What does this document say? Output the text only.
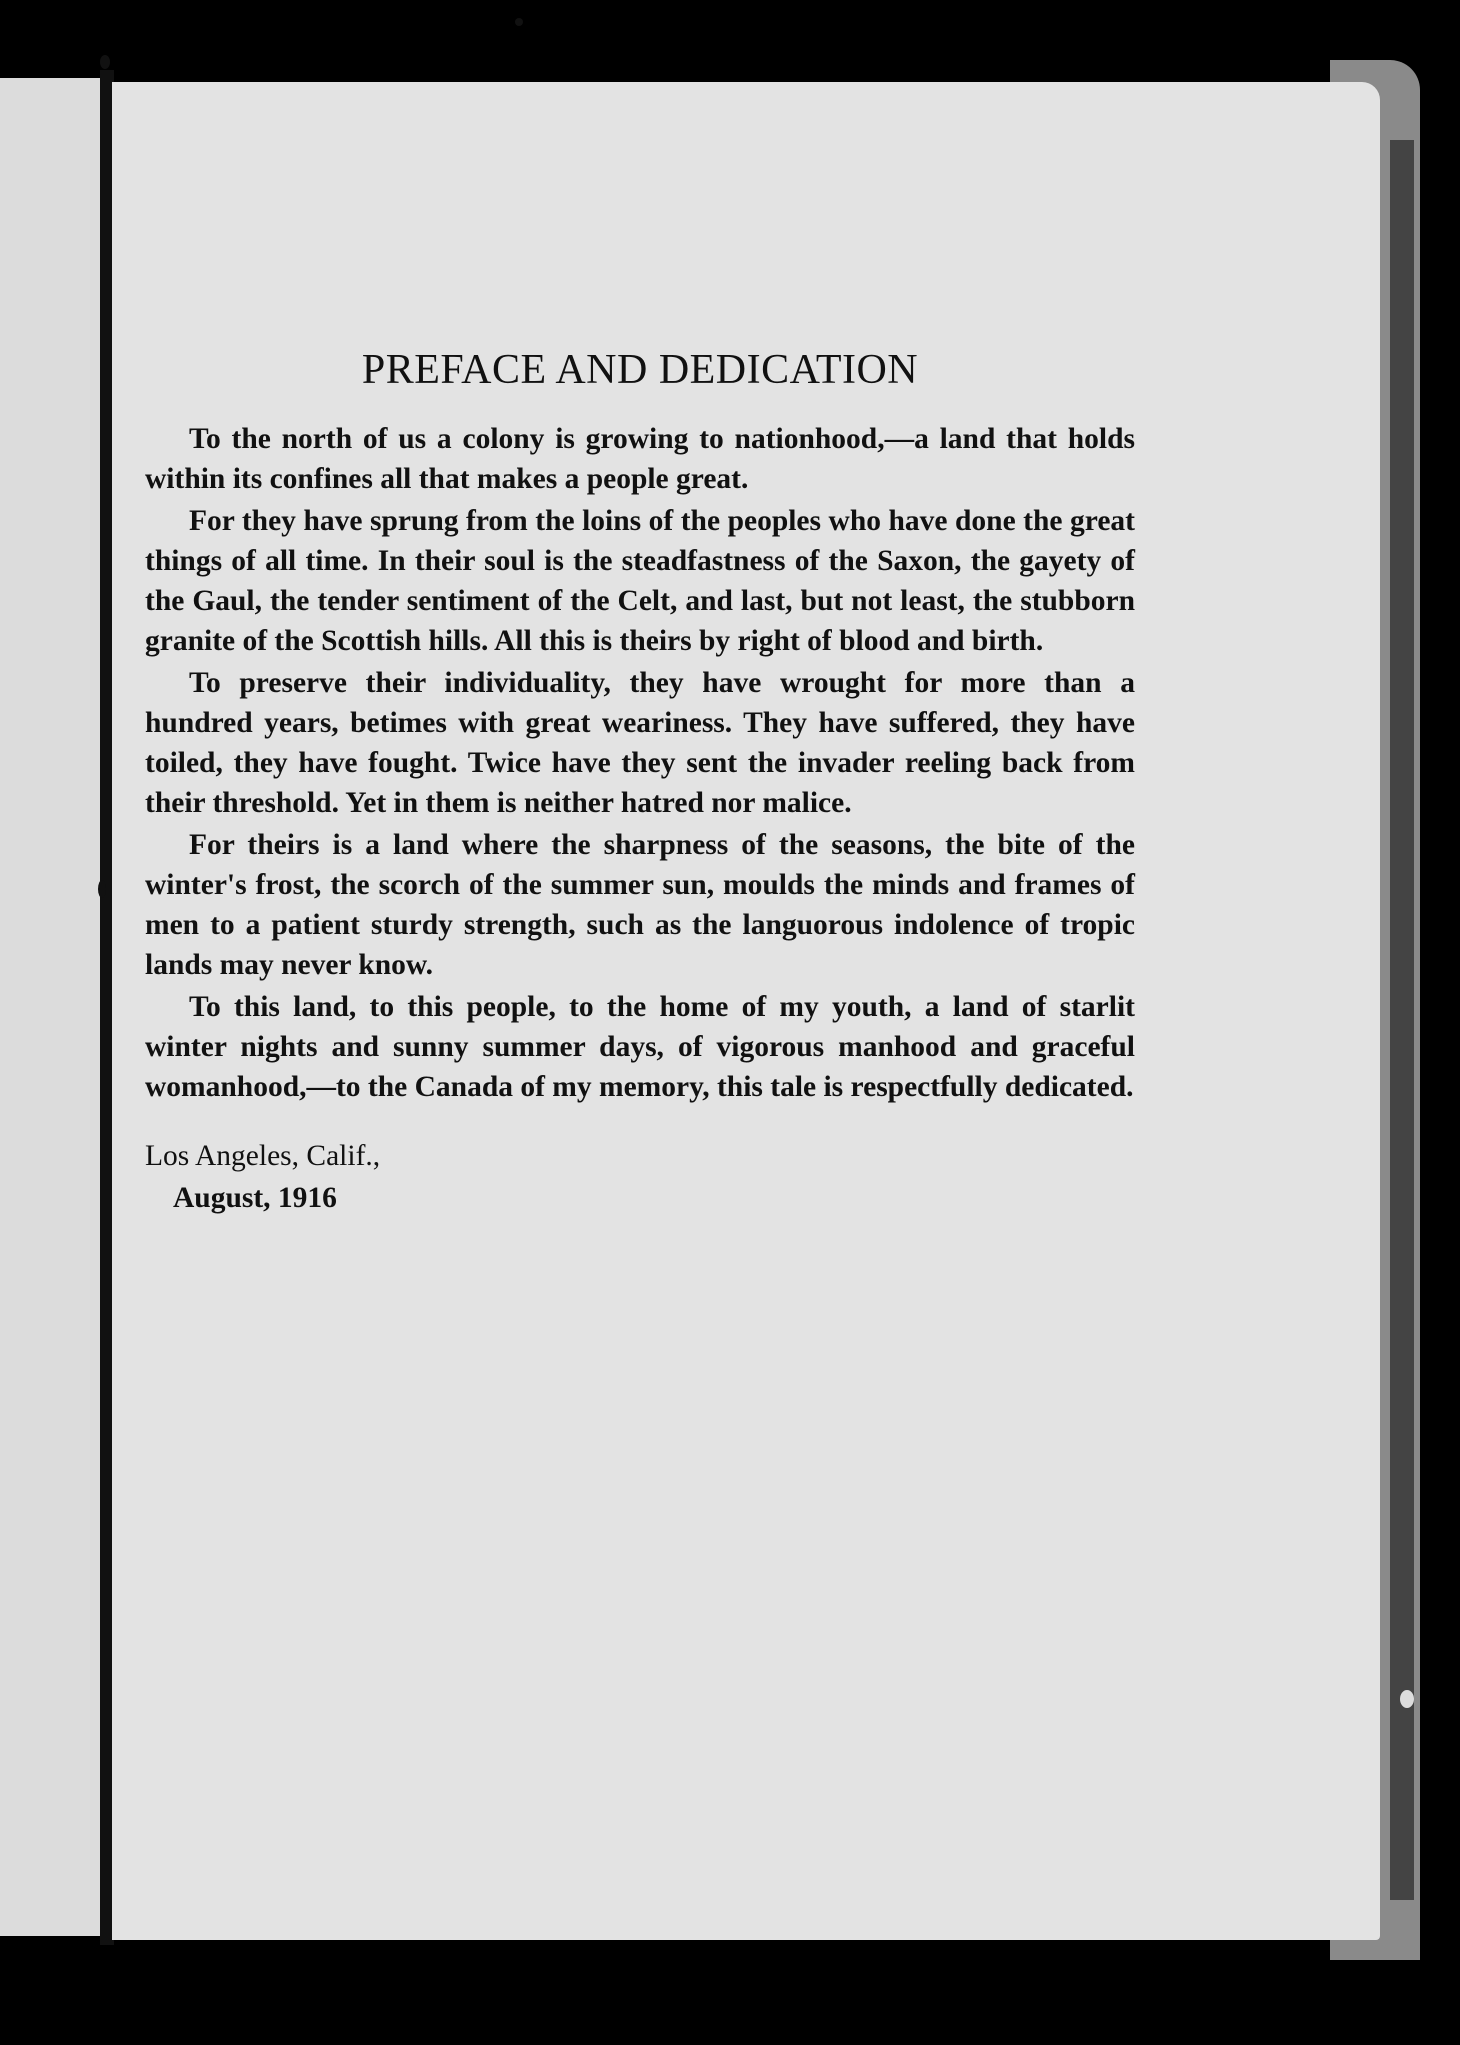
PREFACE AND DEDICATION

To the north of us a colony is growing to nationhood,—a land that holds within its confines all that makes a people great.

For they have sprung from the loins of the peoples who have done the great things of all time. In their soul is the steadfastness of the Saxon, the gayety of the Gaul, the tender sentiment of the Celt, and last, but not least, the stubborn granite of the Scottish hills. All this is theirs by right of blood and birth.

To preserve their individuality, they have wrought for more than a hundred years, betimes with great weariness. They have suffered, they have toiled, they have fought. Twice have they sent the invader reeling back from their threshold. Yet in them is neither hatred nor malice.

For theirs is a land where the sharpness of the seasons, the bite of the winter's frost, the scorch of the summer sun, moulds the minds and frames of men to a patient sturdy strength, such as the languorous indolence of tropic lands may never know.

To this land, to this people, to the home of my youth, a land of starlit winter nights and sunny summer days, of vigorous manhood and graceful womanhood,—to the Canada of my memory, this tale is respectfully dedicated.

Los Angeles, Calif.,
August, 1916
